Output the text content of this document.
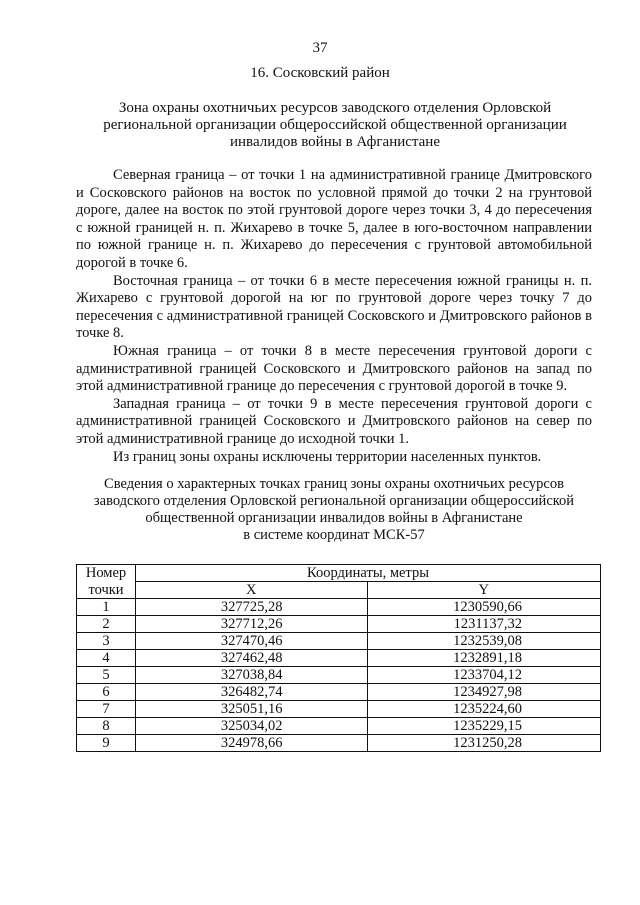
37
16. Сосковский район
Зона охраны охотничьих ресурсов заводского отделения Орловской
региональной организации общероссийской общественной организации
инвалидов войны в Афганистане

Северная граница – от точки 1 на административной границе Дмитровского и Сосковского районов на восток по условной прямой до точки 2 на грунтовой дороге, далее на восток по этой грунтовой дороге через точки 3, 4 до пересечения с южной границей н. п. Жихарево в точке 5, далее в юго-восточном направлении по южной границе н. п. Жихарево до пересечения с грунтовой автомобильной дорогой в точке 6.

Восточная граница – от точки 6 в месте пересечения южной границы н. п. Жихарево с грунтовой дорогой на юг по грунтовой дороге через точку 7 до пересечения с административной границей Сосковского и Дмитровского районов в точке 8.

Южная граница – от точки 8 в месте пересечения грунтовой дороги с административной границей Сосковского и Дмитровского районов на запад по этой административной границе до пересечения с грунтовой дорогой в точке 9.

Западная граница – от точки 9 в месте пересечения грунтовой дороги с административной границей Сосковского и Дмитровского районов на север по этой административной границе до исходной точки 1.

Из границ зоны охраны исключены территории населенных пунктов.

Сведения о характерных точках границ зоны охраны охотничьих ресурсов
заводского отделения Орловской региональной организации общероссийской
общественной организации инвалидов войны в Афганистане
в системе координат МСК-57
Номер	Координаты, метры	
точки	X	Y
1	327725,28	1230590,66
2	327712,26	1231137,32
3	327470,46	1232539,08
4	327462,48	1232891,18
5	327038,84	1233704,12
6	326482,74	1234927,98
7	325051,16	1235224,60
8	325034,02	1235229,15
9	324978,66	1231250,28
